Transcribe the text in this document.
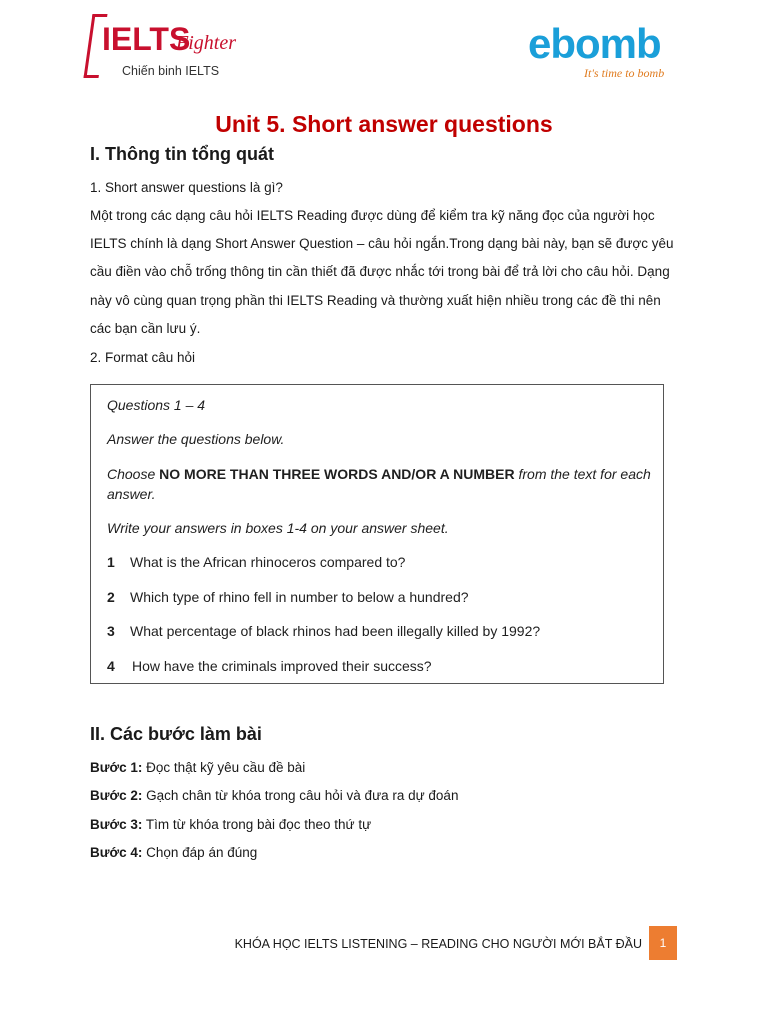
IELTS
Fighter
Chiến binh IELTS
ebomb
It's time to bomb
Unit 5. Short answer questions
I. Thông tin tổng quát
1. Short answer questions là gì?
Một trong các dạng câu hỏi IELTS Reading được dùng để kiểm tra kỹ năng đọc của người học
IELTS chính là dạng Short Answer Question – câu hỏi ngắn.Trong dạng bài này, bạn sẽ được yêu
cầu điền vào chỗ trống thông tin cần thiết đã được nhắc tới trong bài để trả lời cho câu hỏi. Dạng
này vô cùng quan trọng phần thi IELTS Reading và thường xuất hiện nhiều trong các đề thi nên
các bạn cần lưu ý.
2. Format câu hỏi
Questions 1 – 4
Answer the questions below.
Choose NO MORE THAN THREE WORDS AND/OR A NUMBER from the text for each
answer.
Write your answers in boxes 1-4 on your answer sheet.
1 What is the African rhinoceros compared to?
2 Which type of rhino fell in number to below a hundred?
3 What percentage of black rhinos had been illegally killed by 1992?
4 How have the criminals improved their success?
II. Các bước làm bài
Bước 1: Đọc thật kỹ yêu cầu đề bài
Bước 2: Gạch chân từ khóa trong câu hỏi và đưa ra dự đoán
Bước 3: Tìm từ khóa trong bài đọc theo thứ tự
Bước 4: Chọn đáp án đúng
KHÓA HỌC IELTS LISTENING – READING CHO NGƯỜI MỚI BẮT ĐẦU	1
